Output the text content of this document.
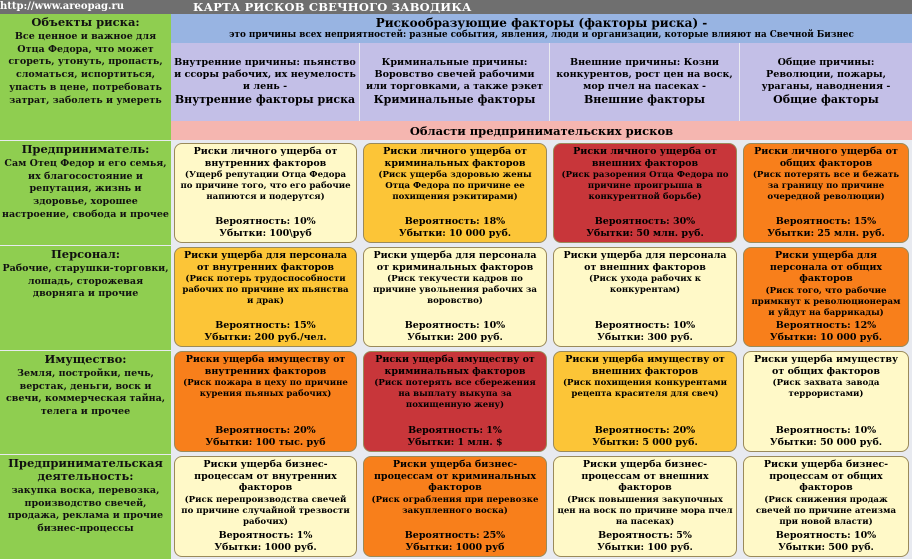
http://www.areopag.ru	КАРТА РИСКОВ СВЕЧНОГО ЗАВОДИКА
Объекты риска:
Все ценное и важное для Отца Федора, что может сгореть, утонуть, пропасть, сломаться, испортиться, упасть в цене, потребовать затрат, заболеть и умереть
Рискообразующие факторы (факторы риска) -
это причины всех неприятностей: разные события, явления, люди и организации, которые влияют на Свечной Бизнес
Внутренние причины: пьянство и ссоры рабочих, их неумелость и лень -
Внутренние факторы риска
Криминальные причины: Воровство свечей рабочими или торговками, а также рэкет
Криминальные факторы
Внешние причины: Козни конкурентов, рост цен на воск, мор пчел на пасеках -
Внешние факторы
Общие причины: Революции, пожары, ураганы, наводнения -
Общие факторы
Области предпринимательских рисков
Предприниматель:
Сам Отец Федор и его семья, их благосостояние и репутация, жизнь и здоровье, хорошее настроение, свобода и прочее
Риски личного ущерба от внутренних факторов
(Ущерб репутации Отца Федора по причине того, что его рабочие напиются и подерутся)
Вероятность: 10%
Убытки: 100\руб
Риски личного ущерба от криминальных факторов
(Риск ущерба здоровью жены Отца Федора по причине ее похищения рэкитирами)
Вероятность: 18%
Убытки: 10 000 руб.
Риски личного ущерба от внешних факторов
(Риск разорения Отца Федора по причине проигрыша в конкурентной борьбе)
Вероятность: 30%
Убытки: 50 млн. руб.
Риски личного ущерба от общих факторов
(Риск потерять все и бежать за границу по причине очередной революции)
Вероятность: 15%
Убытки: 25 млн. руб.
Персонал:
Рабочие, старушки-торговки, лошадь, сторожевая дворняга и прочие
Риски ущерба для персонала от внутренних факторов
(Риск потерь трудоспособности рабочих по причине их пьянства и драк)
Вероятность: 15%
Убытки: 200 руб./чел.
Риски ущерба для персонала от криминальных факторов
(Риск текучести кадров по причине увольнения рабочих за воровство)
Вероятность: 10%
Убытки: 200 руб.
Риски ущерба для персонала от внешних факторов
(Риск ухода рабочих к конкурентам)
Вероятность: 10%
Убытки: 300 руб.
Риски ущерба для персонала от общих факторов
(Риск того, что рабочие примкнут к революционерам и уйдут на баррикады)
Вероятность: 12%
Убытки: 10 000 руб.
Имущество:
Земля, постройки, печь, верстак, деньги, воск и свечи, коммерческая тайна, телега и прочее
Риски ущерба имуществу от внутренних факторов
(Риск пожара в цеху по причине курения пьяных рабочих)
Вероятность: 20%
Убытки: 100 тыс. руб
Риски ущерба имуществу от криминальных факторов
(Риск потерять все сбережения на выплату выкупа за похищенную жену)
Вероятность: 1%
Убытки: 1 млн. $
Риски ущерба имуществу от внешних факторов
(Риск похищения конкурентами рецепта красителя для свеч)
Вероятность: 20%
Убытки: 5 000 руб.
Риски ущерба имуществу от общих факторов
(Риск захвата завода террористами)
Вероятность: 10%
Убытки: 50 000 руб.
Предпринимательская деятельность:
закупка воска, перевозка, производство свечей, продажа, реклама и прочие бизнес-процессы
Риски ущерба бизнес-процессам от внутренних факторов
(Риск перепроизводства свечей по причине случайной трезвости рабочих)
Вероятность: 1%
Убытки: 1000 руб.
Риски ущерба бизнес-процессам от криминальных факторов
(Риск ограбления при перевозке закупленного воска)
Вероятность: 25%
Убытки: 1000 руб
Риски ущерба бизнес-процессам от внешних факторов
(Риск повышения закупочных цен на воск по причине мора пчел на пасеках)
Вероятность: 5%
Убытки: 100 руб.
Риски ущерба бизнес-процессам от общих факторов
(Риск снижения продаж свечей по причине атеизма при новой власти)
Вероятность: 10%
Убытки: 500 руб.
